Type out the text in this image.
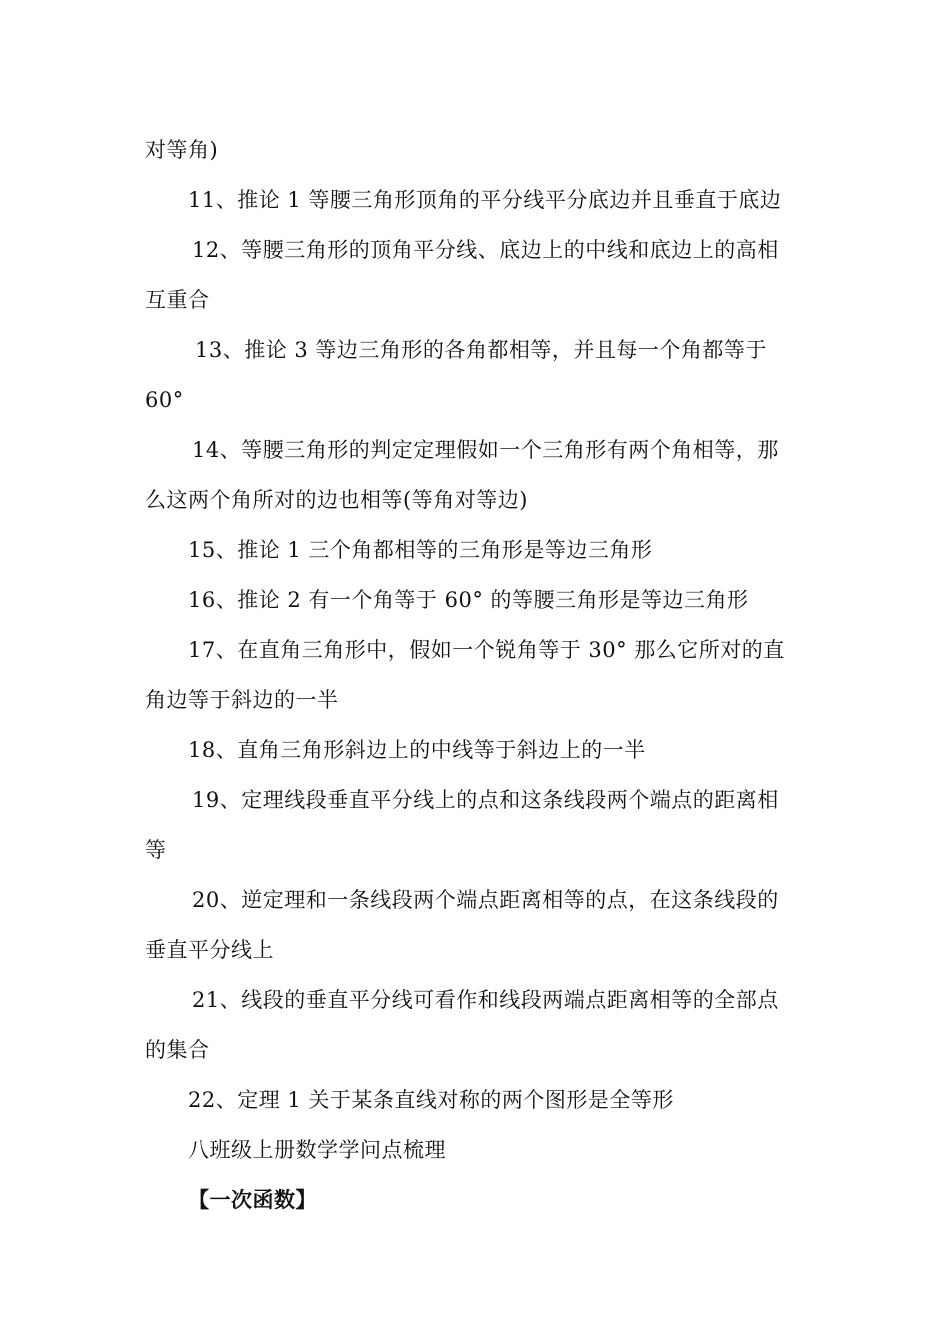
对等角)
11、推论 1 等腰三角形顶角的平分线平分底边并且垂直于底边
12、等腰三角形的顶角平分线、底边上的中线和底边上的高相
互重合
13、推论 3 等边三角形的各角都相等，并且每一个角都等于
60°
14、等腰三角形的判定定理假如一个三角形有两个角相等，那
么这两个角所对的边也相等(等角对等边)
15、推论 1 三个角都相等的三角形是等边三角形
16、推论 2 有一个角等于 60° 的等腰三角形是等边三角形
17、在直角三角形中，假如一个锐角等于 30° 那么它所对的直
角边等于斜边的一半
18、直角三角形斜边上的中线等于斜边上的一半
19、定理线段垂直平分线上的点和这条线段两个端点的距离相
等
20、逆定理和一条线段两个端点距离相等的点，在这条线段的
垂直平分线上
21、线段的垂直平分线可看作和线段两端点距离相等的全部点
的集合
22、定理 1 关于某条直线对称的两个图形是全等形
八班级上册数学学问点梳理
【一次函数】
